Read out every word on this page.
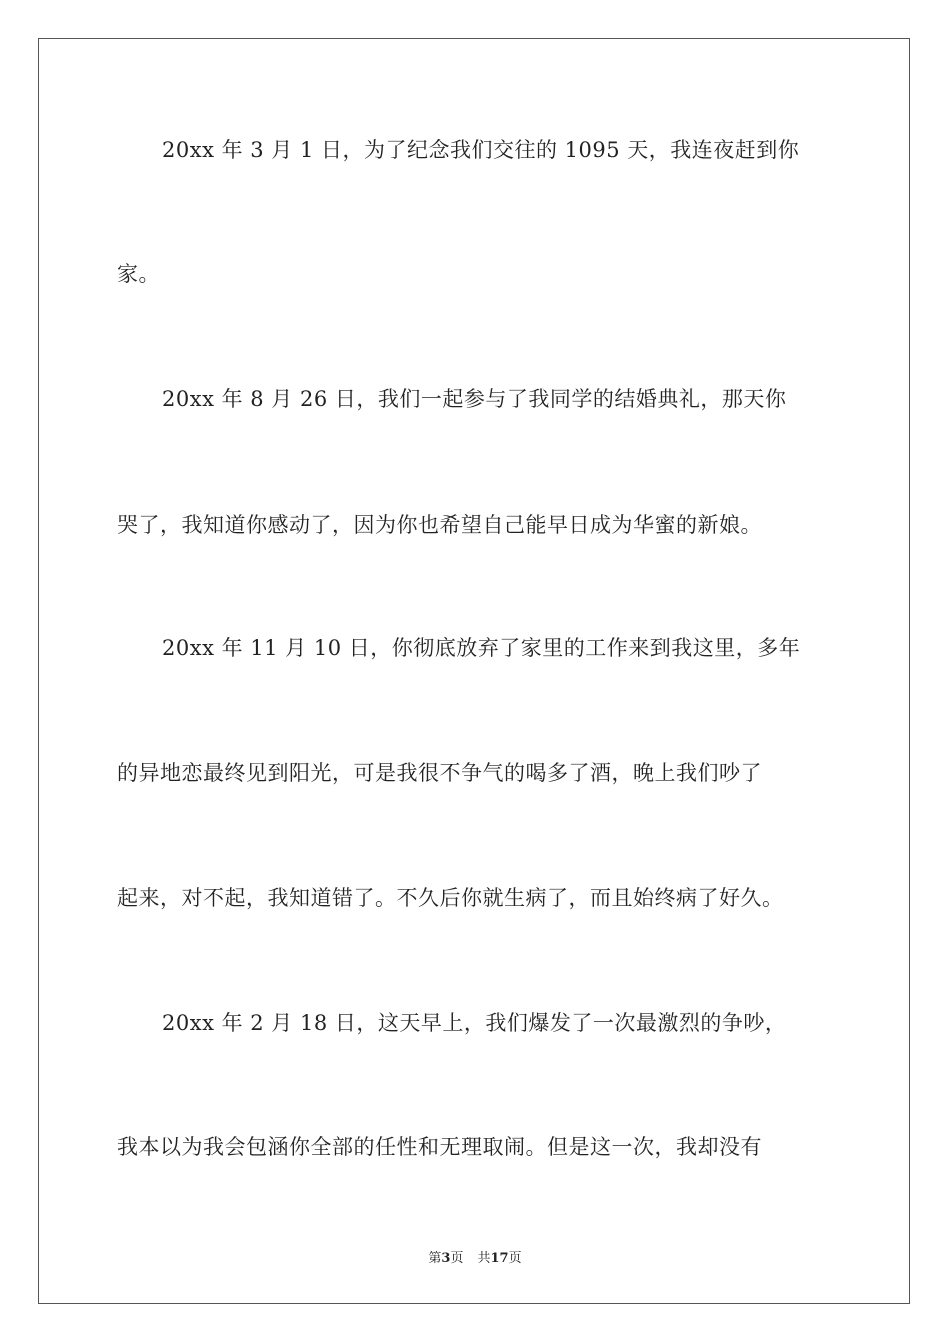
20xx 年 3 月 1 日，为了纪念我们交往的 1095 天，我连夜赶到你
家。
20xx 年 8 月 26 日，我们一起参与了我同学的结婚典礼，那天你
哭了，我知道你感动了，因为你也希望自己能早日成为华蜜的新娘。
20xx 年 11 月 10 日，你彻底放弃了家里的工作来到我这里，多年
的异地恋最终见到阳光，可是我很不争气的喝多了酒，晚上我们吵了
起来，对不起，我知道错了。不久后你就生病了，而且始终病了好久。
20xx 年 2 月 18 日，这天早上，我们爆发了一次最激烈的争吵，
我本以为我会包涵你全部的任性和无理取闹。但是这一次，我却没有
第3页 共17页
